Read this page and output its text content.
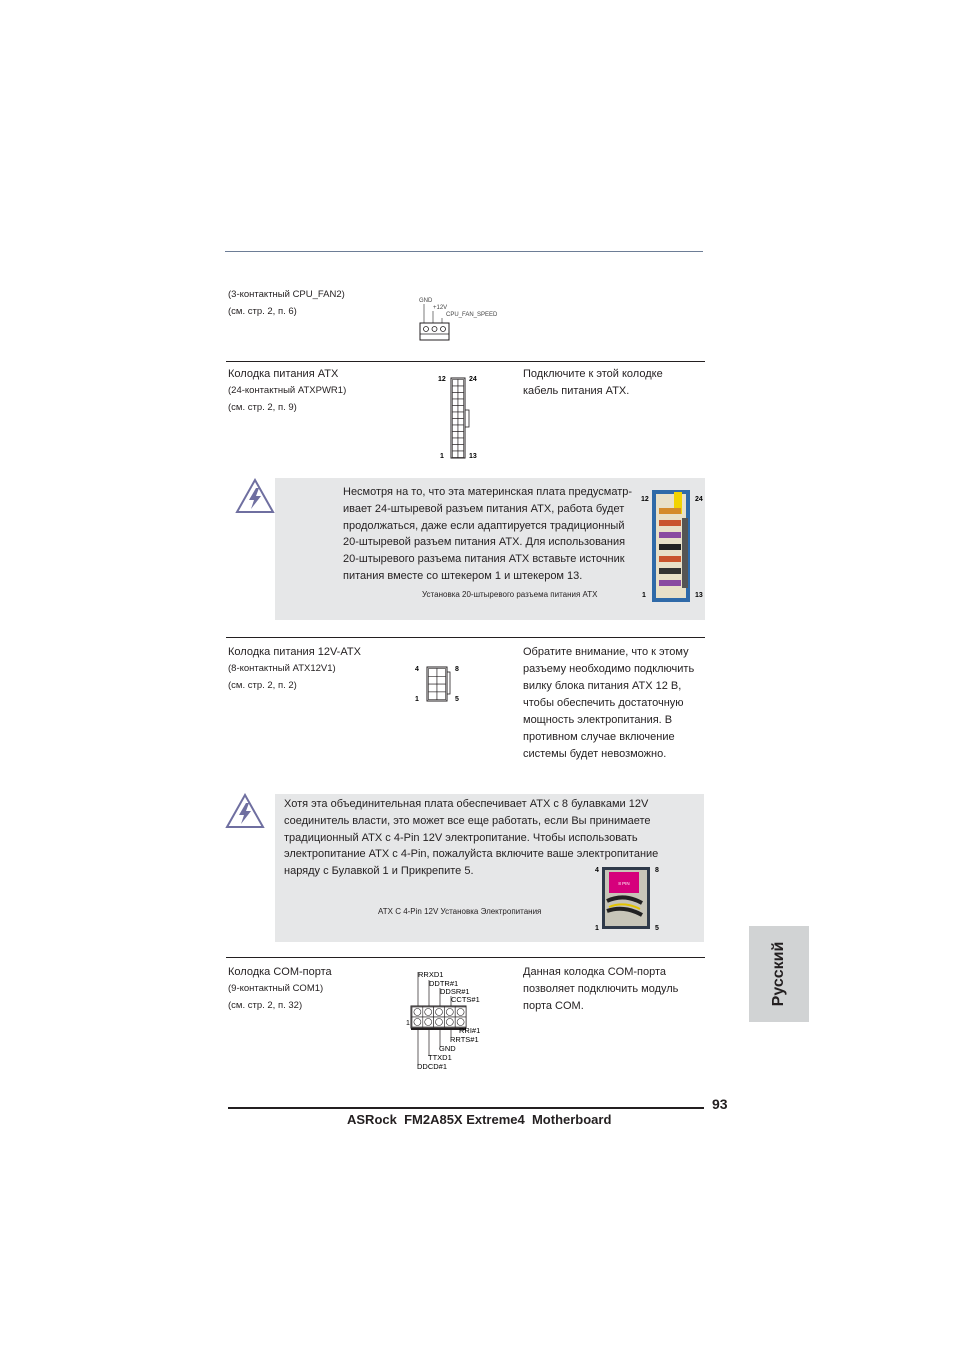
(3-контактный CPU_FAN2)
(см. стр. 2, п. 6)
GND
+12V
CPU_FAN_SPEED
Колодка питания ATX
(24-контактный ATXPWR1)
(см. стр. 2, п. 9)
Подключите к этой колодке кабель питания ATX.
12	24
1	13
Несмотря на то, что эта материнская плата предусматр-ивает 24-штыревой разъем питания ATX, работа будет продолжаться, даже если адаптируется традиционный 20-штыревой разъем питания ATX. Для использования 20-штыревого разъема питания ATX вставьте источник питания вместе со штекером 1 и штекером 13.
Установка 20-штыревого разъема питания ATX
12	24
1	13
Колодка питания 12V-ATX
(8-контактный ATX12V1)
(см. стр. 2, п. 2)
Обратите внимание, что к этому разъему необходимо подключить вилку блока питания ATX 12 В, чтобы обеспечить достаточную мощность электропитания. В противном случае включение системы будет невозможно.
4	8
1	5
Хотя эта объединительная плата обеспечивает ATX с 8 булавками 12V соединитель власти, это может все еще работать, если Вы принимаете традиционный ATX с 4-Pin 12V электропитание. Чтобы использовать электропитание ATX с 4-Pin, пожалуйста включите ваше электропитание наряду с Булавкой 1 и Прикрепите 5.
ATX С 4-Pin 12V Установка Электропитания
8 PIN
4	8
1	5
Колодка COM-порта
(9-контактный COM1)
(см. стр. 2, п. 32)
Данная колодка COM-порта позволяет подключить модуль порта COM.
RRXD1
DDTR#1
DDSR#1
CCTS#1
1
RRI#1
RRTS#1
GND
TTXD1
DDCD#1
Русский
93
ASRock  FM2A85X Extreme4  Motherboard
